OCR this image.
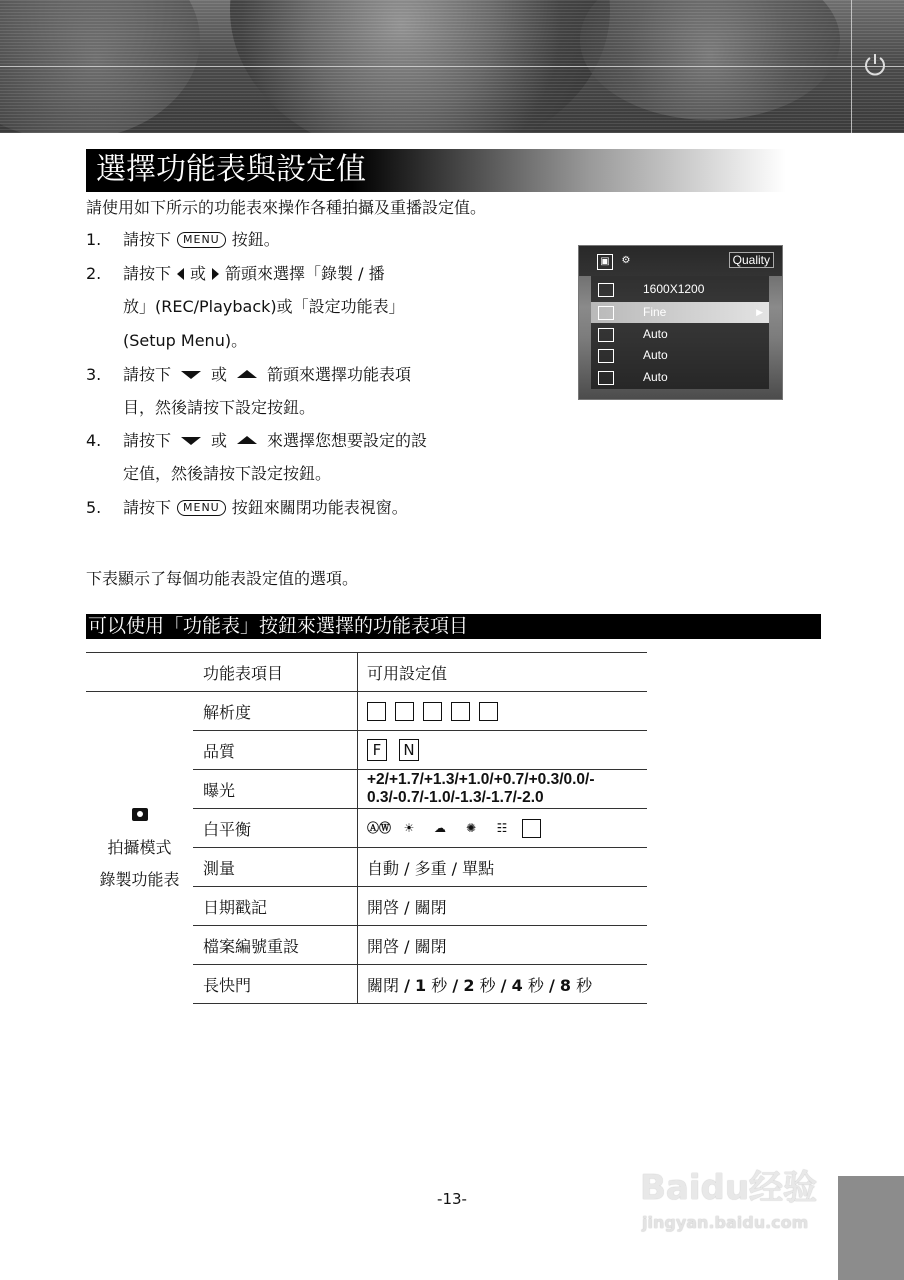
選擇功能表與設定值
請使用如下所示的功能表來操作各種拍攝及重播設定值。
1. 請按下 MENU 按鈕。
2. 請按下 或 箭頭來選擇「錄製 / 播
放」(REC/Playback)或「設定功能表」
(Setup Menu)。
3. 請按下	或	箭頭來選擇功能表項
目，然後請按下設定按鈕。
4. 請按下	或	來選擇您想要設定的設
定值，然後請按下設定按鈕。
5. 請按下 MENU 按鈕來關閉功能表視窗。
▣	⚙	Quality
1600X1200
Fine	▶
Auto
Auto
Auto
下表顯示了每個功能表設定值的選項。
可以使用「功能表」按鈕來選擇的功能表項目
	功能表項目	可用設定值

拍攝模式
錄製功能表	解析度	
	品質	F N
	曝光	+2/+1.7/+1.3/+1.0/+0.7/+0.3/0.0/-
0.3/-0.7/-1.0/-1.3/-1.7/-2.0
	白平衡	ⒶⓌ ☀ ☁ ✺ ☷
	測量	自動 / 多重 / 單點
	日期戳記	開啓 / 關閉
	檔案編號重設	開啓 / 關閉
	長快門	關閉 / 1 秒 / 2 秒 / 4 秒 / 8 秒
-13-	Baidu经验
jingyan.baidu.com
